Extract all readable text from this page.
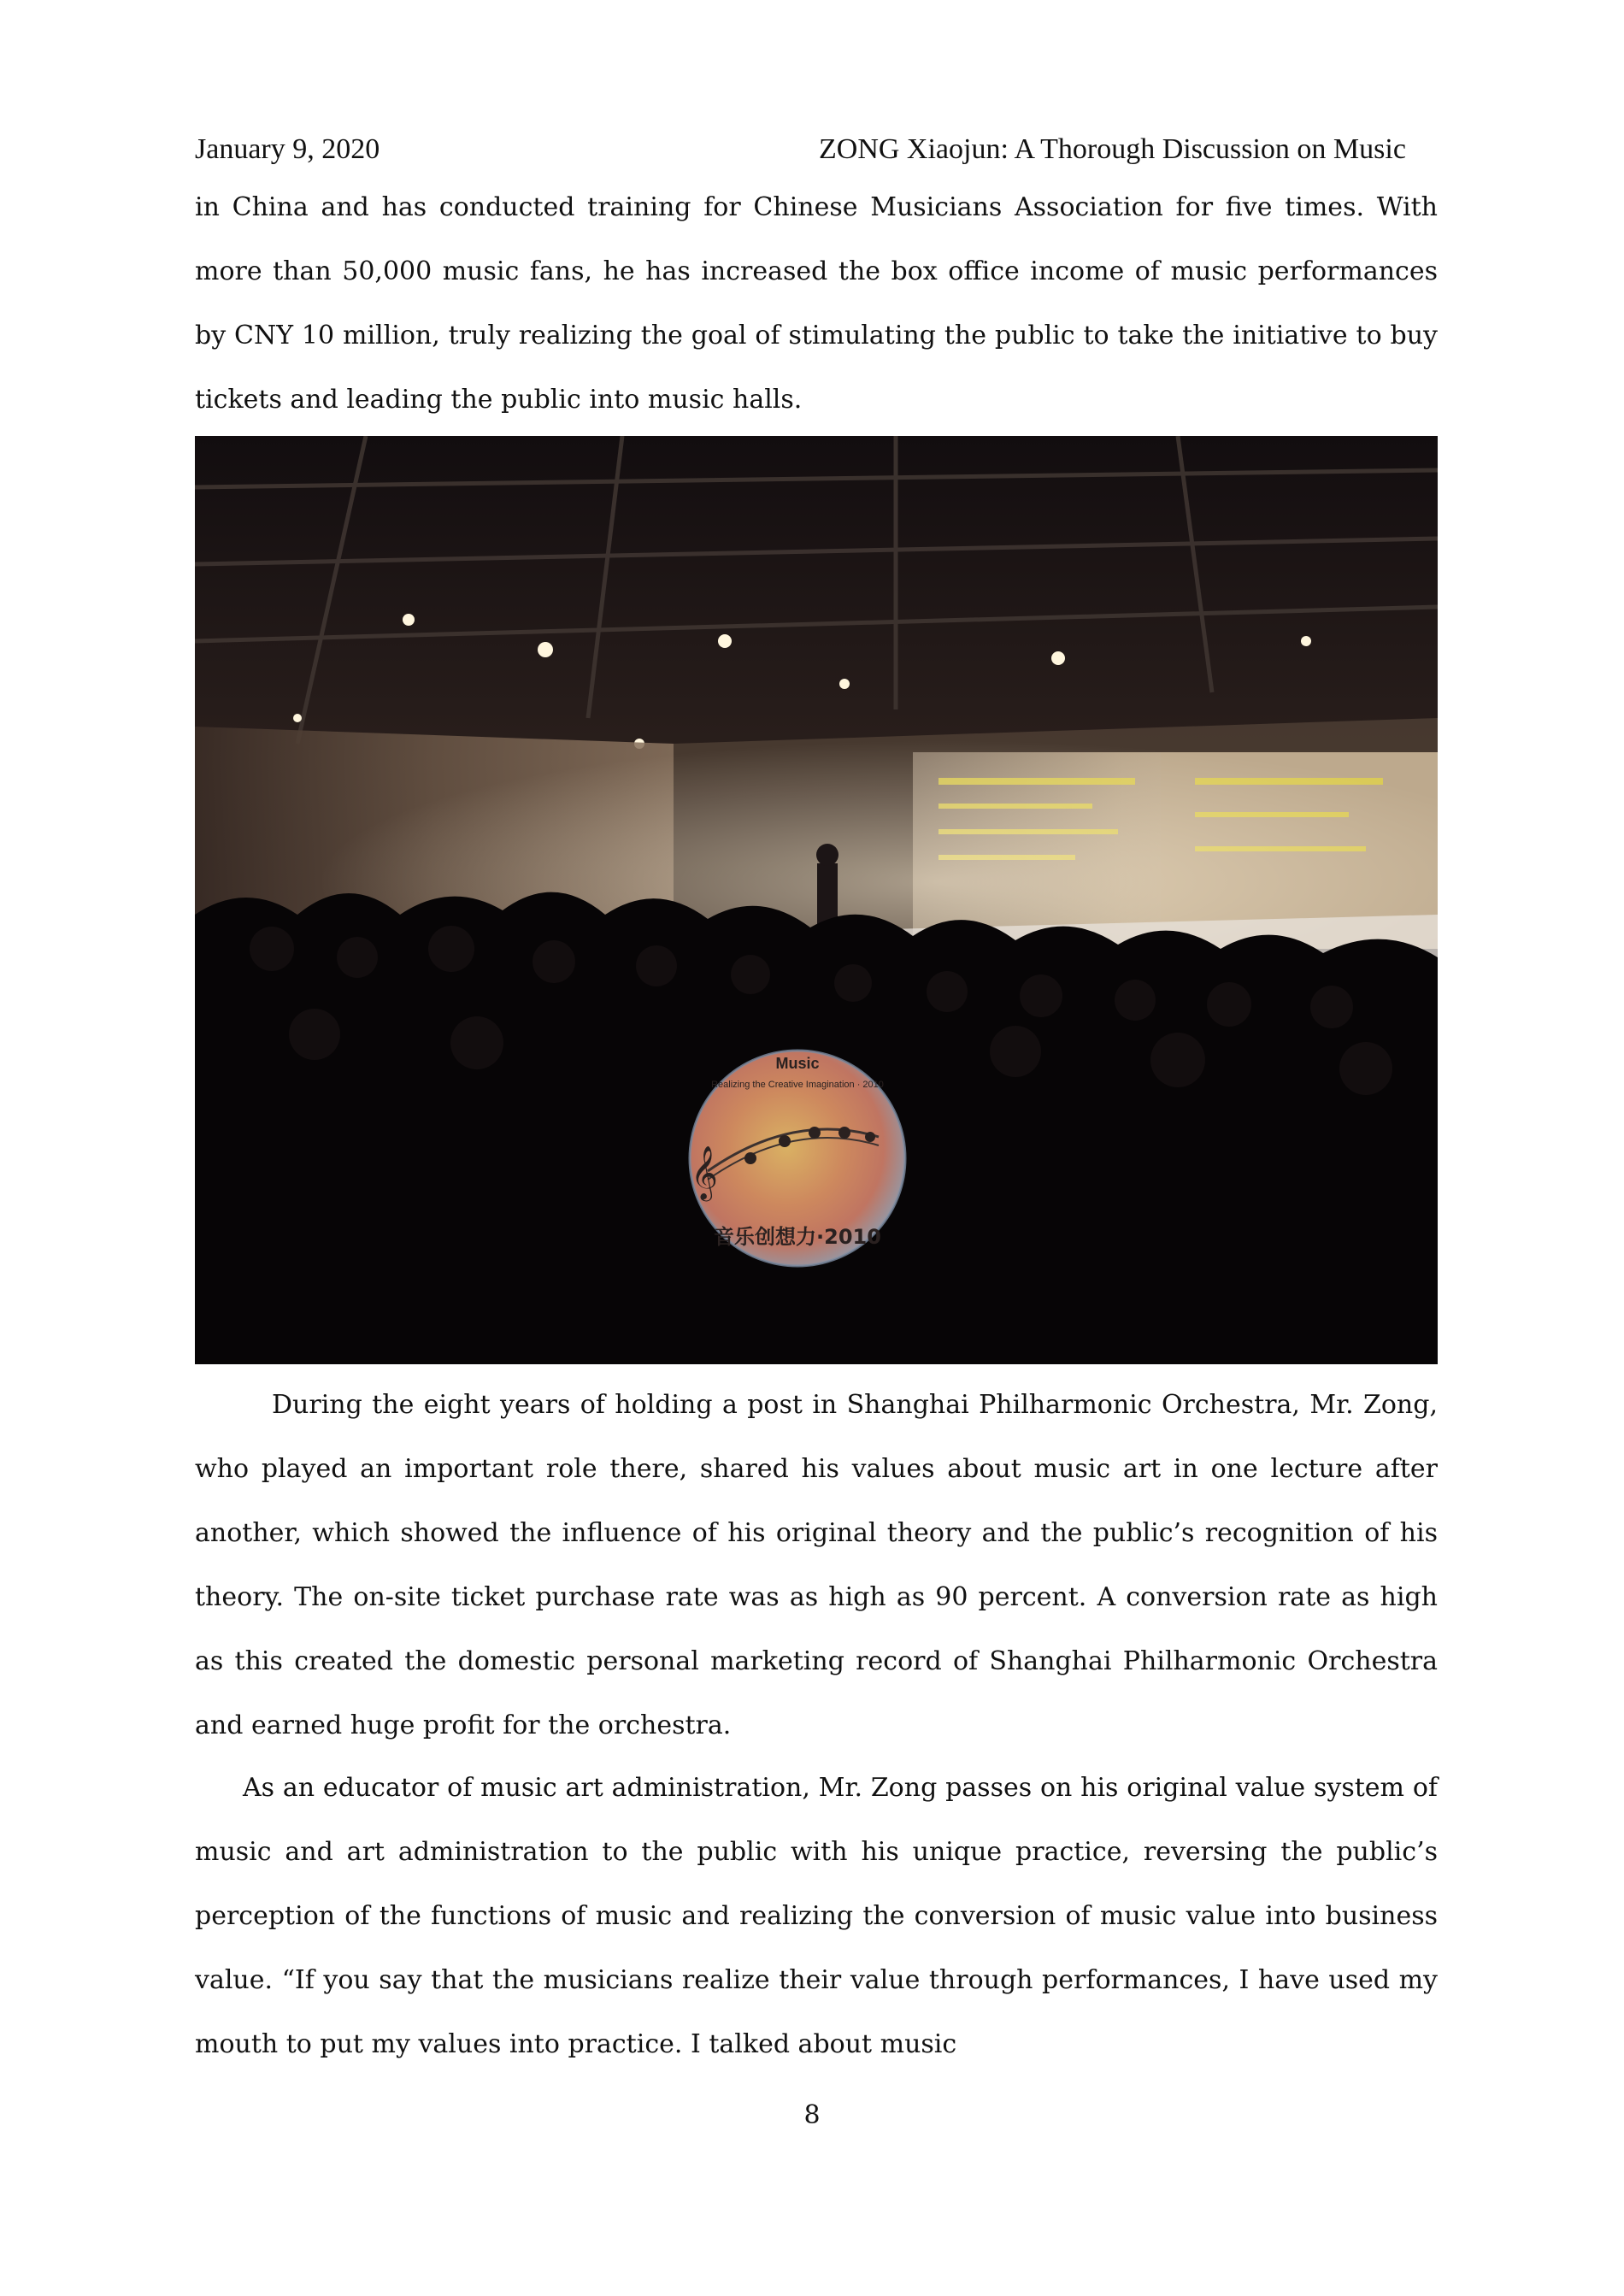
January 9, 2020	ZONG Xiaojun: A Thorough Discussion on Music

in China and has conducted training for Chinese Musicians Association for five times. With more than 50,000 music fans, he has increased the box office income of music performances by CNY 10 million, truly realizing the goal of stimulating the public to take the initiative to buy tickets and leading the public into music halls.

𝄞
Music
Realizing the Creative Imagination · 2010
音乐创想力·2010

During the eight years of holding a post in Shanghai Philharmonic Orchestra, Mr. Zong, who played an important role there, shared his values about music art in one lecture after another, which showed the influence of his original theory and the public’s recognition of his theory. The on-site ticket purchase rate was as high as 90 percent. A conversion rate as high as this created the domestic personal marketing record of Shanghai Philharmonic Orchestra and earned huge profit for the orchestra.

As an educator of music art administration, Mr. Zong passes on his original value system of music and art administration to the public with his unique practice, reversing the public’s perception of the functions of music and realizing the conversion of music value into business value. “If you say that the musicians realize their value through performances, I have used my mouth to put my values into practice. I talked about music

8
